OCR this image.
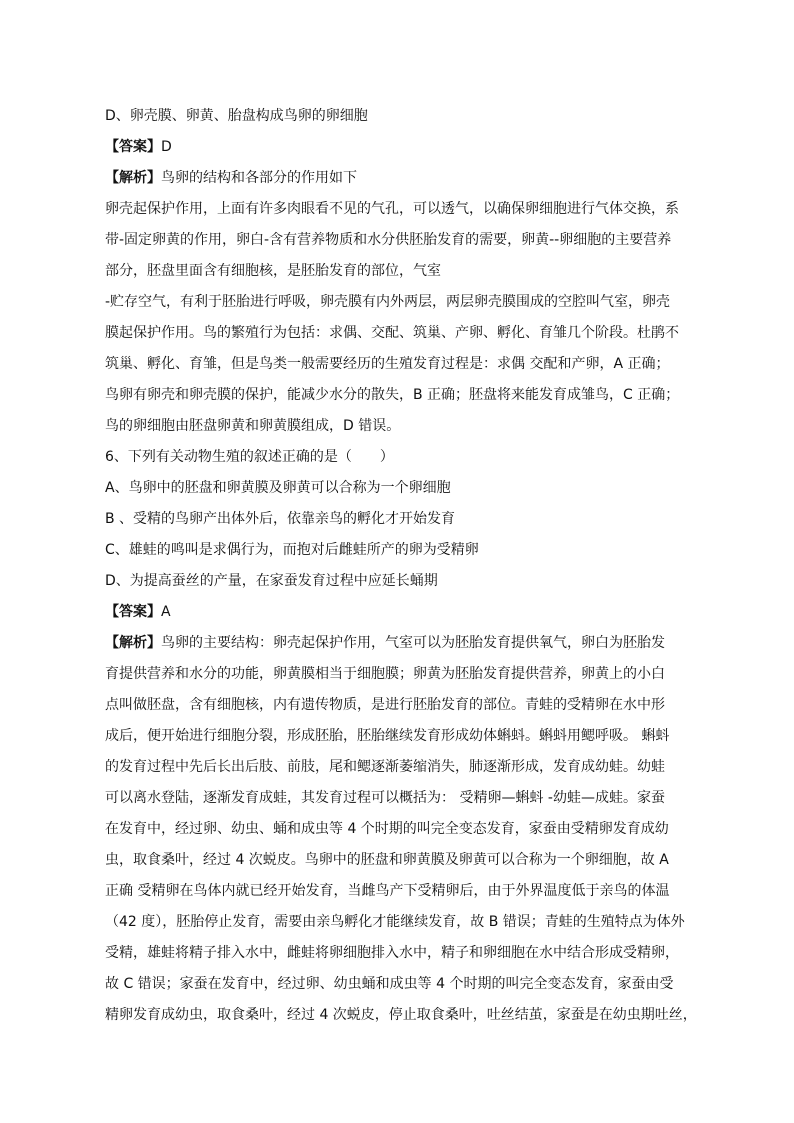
D、卵壳膜、卵黄、胎盘构成鸟卵的卵细胞
【答案】D
【解析】鸟卵的结构和各部分的作用如下
卵壳起保护作用，上面有许多肉眼看不见的气孔，可以透气，以确保卵细胞进行气体交换，系
带-固定卵黄的作用，卵白-含有营养物质和水分供胚胎发育的需要，卵黄--卵细胞的主要营养
部分，胚盘里面含有细胞核，是胚胎发育的部位，气室
-贮存空气，有利于胚胎进行呼吸，卵壳膜有内外两层，两层卵壳膜围成的空腔叫气室，卵壳
膜起保护作用。鸟的繁殖行为包括：求偶、交配、筑巢、产卵、孵化、育雏几个阶段。杜鹃不
筑巢、孵化、育雏，但是鸟类一般需要经历的生殖发育过程是：求偶 交配和产卵，A 正确；
鸟卵有卵壳和卵壳膜的保护，能减少水分的散失，B 正确；胚盘将来能发育成雏鸟，C 正确；
鸟的卵细胞由胚盘卵黄和卵黄膜组成，D 错误。
6、下列有关动物生殖的叙述正确的是（　　）
A、鸟卵中的胚盘和卵黄膜及卵黄可以合称为一个卵细胞
B 、受精的鸟卵产出体外后，依靠亲鸟的孵化才开始发育
C、雄蛙的鸣叫是求偶行为，而抱对后雌蛙所产的卵为受精卵
D、为提高蚕丝的产量，在家蚕发育过程中应延长蛹期
【答案】A
【解析】鸟卵的主要结构：卵壳起保护作用，气室可以为胚胎发育提供氧气，卵白为胚胎发
育提供营养和水分的功能，卵黄膜相当于细胞膜；卵黄为胚胎发育提供营养，卵黄上的小白
点叫做胚盘，含有细胞核，内有遗传物质，是进行胚胎发育的部位。青蛙的受精卵在水中形
成后，便开始进行细胞分裂，形成胚胎，胚胎继续发育形成幼体蝌蚪。蝌蚪用鳃呼吸。 蝌蚪
的发育过程中先后长出后肢、前肢，尾和鳃逐渐萎缩消失，肺逐渐形成，发育成幼蛙。幼蛙
可以离水登陆，逐渐发育成蛙，其发育过程可以概括为： 受精卵—蝌蚪 -幼蛙—成蛙。家蚕
在发育中，经过卵、幼虫、蛹和成虫等 4 个时期的叫完全变态发育，家蚕由受精卵发育成幼
虫，取食桑叶，经过 4 次蜕皮。鸟卵中的胚盘和卵黄膜及卵黄可以合称为一个卵细胞，故 A
正确 受精卵在鸟体内就已经开始发育，当雌鸟产下受精卵后，由于外界温度低于亲鸟的体温
（42 度），胚胎停止发育，需要由亲鸟孵化才能继续发育，故 B 错误；青蛙的生殖特点为体外
受精，雄蛙将精子排入水中，雌蛙将卵细胞排入水中，精子和卵细胞在水中结合形成受精卵，
故 C 错误；家蚕在发育中，经过卵、幼虫蛹和成虫等 4 个时期的叫完全变态发育，家蚕由受
精卵发育成幼虫，取食桑叶，经过 4 次蜕皮，停止取食桑叶，吐丝结茧，家蚕是在幼虫期吐丝，
